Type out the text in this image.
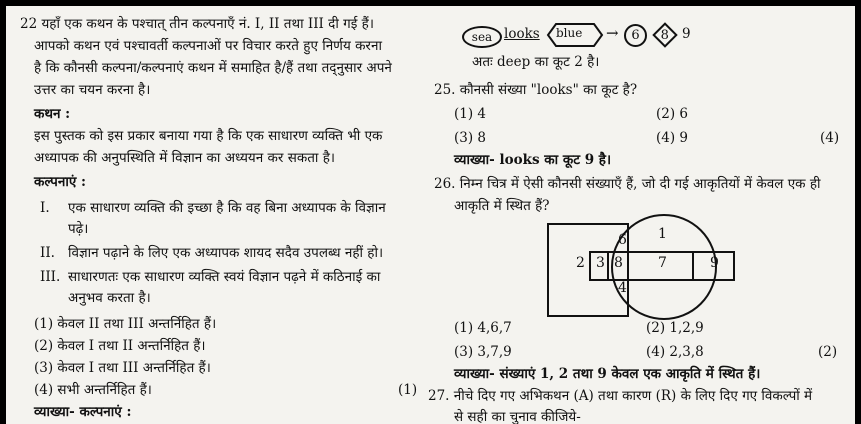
22 यहाँ एक कथन के पश्चात् तीन कल्पनाएँ नं. I, II तथा III दी गई हैं।
आपको कथन एवं पश्चावर्ती कल्पनाओं पर विचार करते हुए निर्णय करना
है कि कौनसी कल्पना/कल्पनाएं कथन में समाहित है/हैं तथा तद्नुसार अपने
उत्तर का चयन करना है।
कथन :
इस पुस्तक को इस प्रकार बनाया गया है कि एक साधारण व्यक्ति भी एक
अध्यापक की अनुपस्थिति में विज्ञान का अध्ययन कर सकता है।
कल्पनाएं :
I. एक साधारण व्यक्ति की इच्छा है कि वह बिना अध्यापक के विज्ञान
पढ़े।
II. विज्ञान पढ़ाने के लिए एक अध्यापक शायद सदैव उपलब्ध नहीं हो।
III. साधारणतः एक साधारण व्यक्ति स्वयं विज्ञान पढ़ने में कठिनाई का
अनुभव करता है।
(1) केवल II तथा III अन्तर्निहित हैं।
(2) केवल I तथा II अन्तर्निहित हैं।
(3) केवल I तथा III अन्तर्निहित हैं।
(4) सभी अन्तर्निहित हैं।	(1)
व्याख्या- कल्पनाएं :
sea looks blue → 6 8 9
अतः deep का कूट 2 है।
25. कौनसी संख्या "looks" का कूट है?
(1) 4	(2) 6
(3) 8	(4) 9	(4)
व्याख्या- looks का कूट 9 है।
26. निम्न चित्र में ऐसी कौनसी संख्याएँ हैं, जो दी गई आकृतियों में केवल एक ही
आकृति में स्थित हैं?
2 3 8	7	9
6 1
4
(1) 4,6,7	(2) 1,2,9
(3) 3,7,9	(4) 2,3,8	(2)
व्याख्या- संख्याएं 1, 2 तथा 9 केवल एक आकृति में स्थित हैं।
27. नीचे दिए गए अभिकथन (A) तथा कारण (R) के लिए दिए गए विकल्पों में
से सही का चुनाव कीजिये-
